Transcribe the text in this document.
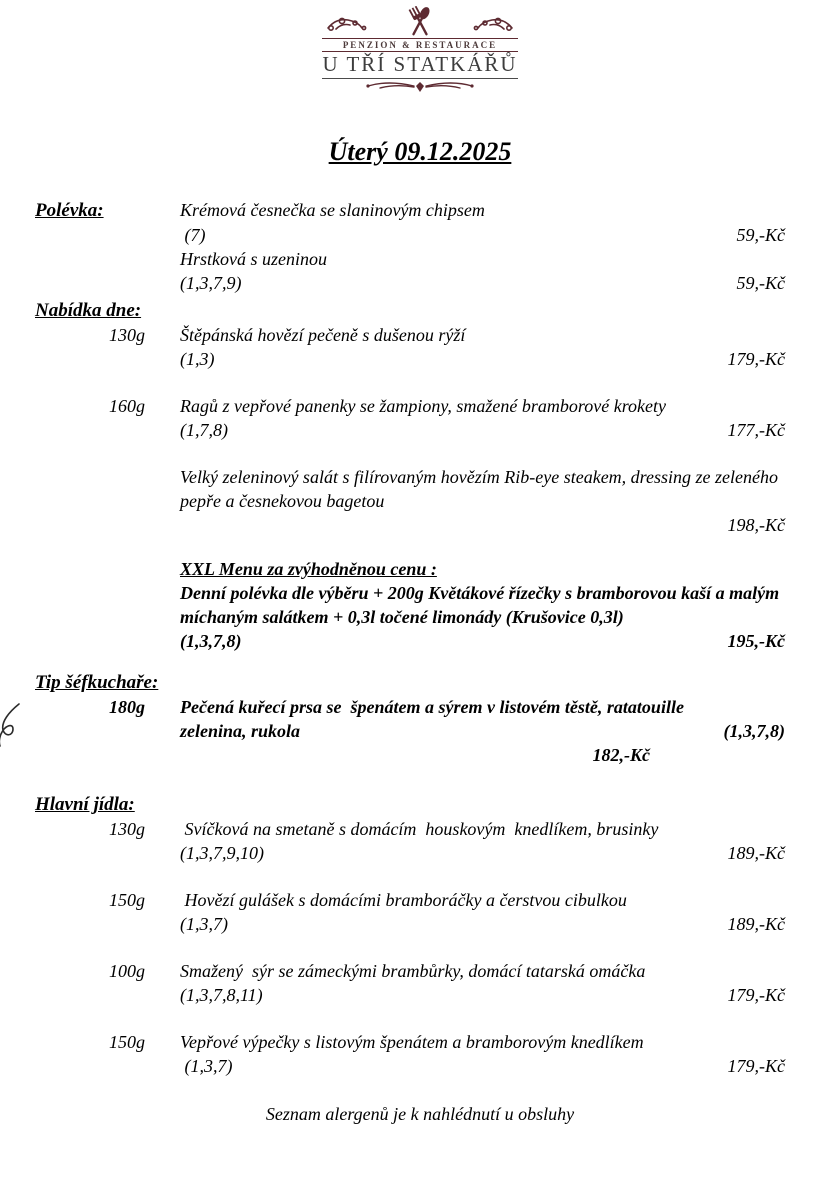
PENZION & RESTAURACE
U TŘÍ STATKÁŘŮ
Úterý 09.12.2025
Polévka:	Krémová česnečka se slaninovým chipsem
(7)	59,-Kč
Hrstková s uzeninou
(1,3,7,9)	59,-Kč
Nabídka dne:
130g Štěpánská hovězí pečeně s dušenou rýží
(1,3)	179,-Kč
160g Ragů z vepřové panenky se žampiony, smažené bramborové krokety
(1,7,8)	177,-Kč
Velký zeleninový salát s filírovaným hovězím Rib-eye steakem, dressing ze zeleného pepře a česnekovou bagetou
198,-Kč
XXL Menu za zvýhodněnou cenu :
Denní polévka dle výběru + 200g Květákové řízečky s bramborovou kaší a malým míchaným salátkem + 0,3l točené limonády (Krušovice 0,3l)
(1,3,7,8)	195,-Kč
Tip šéfkuchaře:
180g Pečená kuřecí prsa se  špenátem a sýrem v listovém těstě, ratatouille
zelenina, rukola	(1,3,7,8)
182,-Kč
Hlavní jídla:
130g Svíčková na smetaně s domácím  houskovým  knedlíkem, brusinky
(1,3,7,9,10)	189,-Kč
150g Hovězí gulášek s domácími bramboráčky a čerstvou cibulkou
(1,3,7)	189,-Kč
100g Smažený  sýr se zámeckými brambůrky, domácí tatarská omáčka
(1,3,7,8,11)	179,-Kč
150g Vepřové výpečky s listovým špenátem a bramborovým knedlíkem
(1,3,7)	179,-Kč
Seznam alergenů je k nahlédnutí u obsluhy
